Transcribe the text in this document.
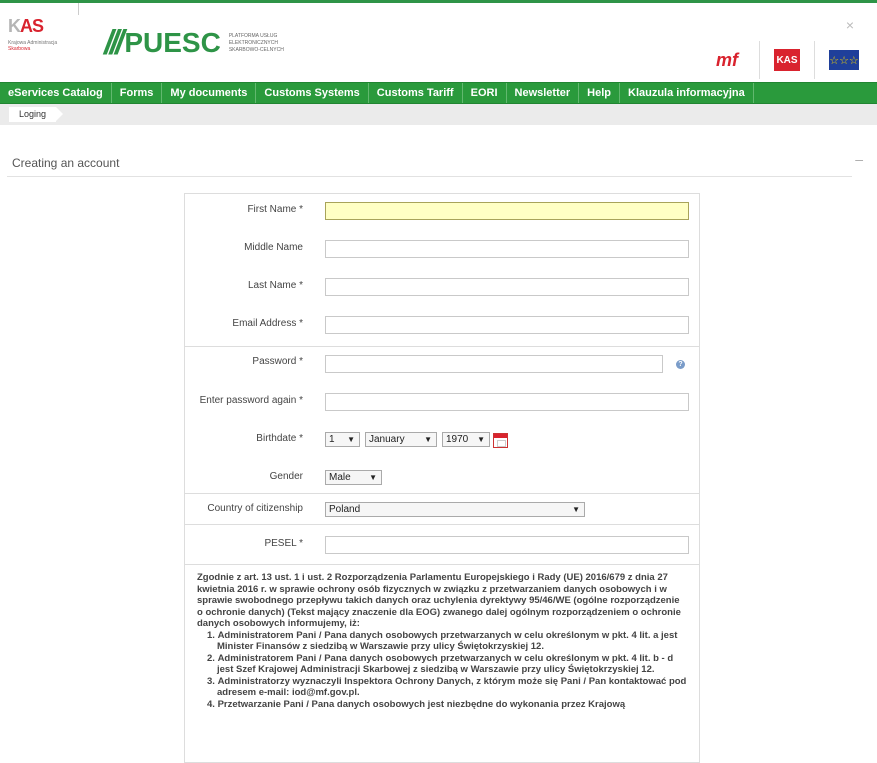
KAS
Krajowa Administracja
Skarbowa	/// PUESC PLATFORMA USŁUG
ELEKTRONICZNYCH
SKARBOWO-CELNYCH
×
mf	KAS	☆☆☆
eServices Catalog	Forms	My documents	Customs Systems	Customs Tariff	EORI	Newsletter	Help	Klauzula informacyjna
Loging
Creating an account	–
First Name *
Middle Name
Last Name *
Email Address *
Password *	?
Enter password again *
Birthdate *	1 ▼	January ▼	1970 ▼
Gender	Male ▼
Country of citizenship	Poland	▼
PESEL *
Zgodnie z art. 13 ust. 1 i ust. 2 Rozporządzenia Parlamentu Europejskiego i Rady (UE) 2016/679 z dnia 27 kwietnia 2016 r. w sprawie ochrony osób fizycznych w związku z przetwarzaniem danych osobowych i w sprawie swobodnego przepływu takich danych oraz uchylenia dyrektywy 95/46/WE (ogólne rozporządzenie o ochronie danych) (Tekst mający znaczenie dla EOG) zwanego dalej ogólnym rozporządzeniem o ochronie danych osobowych informujemy, iż:
1. Administratorem Pani / Pana danych osobowych przetwarzanych w celu określonym w pkt. 4 lit. a jest Minister Finansów z siedzibą w Warszawie przy ulicy Świętokrzyskiej 12.
2. Administratorem Pani / Pana danych osobowych przetwarzanych w celu określonym w pkt. 4 lit. b - d jest Szef Krajowej Administracji Skarbowej z siedzibą w Warszawie przy ulicy Świętokrzyskiej 12.
3. Administratorzy wyznaczyli Inspektora Ochrony Danych, z którym może się Pani / Pan kontaktować pod adresem e-mail: iod@mf.gov.pl.
4. Przetwarzanie Pani / Pana danych osobowych jest niezbędne do wykonania przez Krajową
